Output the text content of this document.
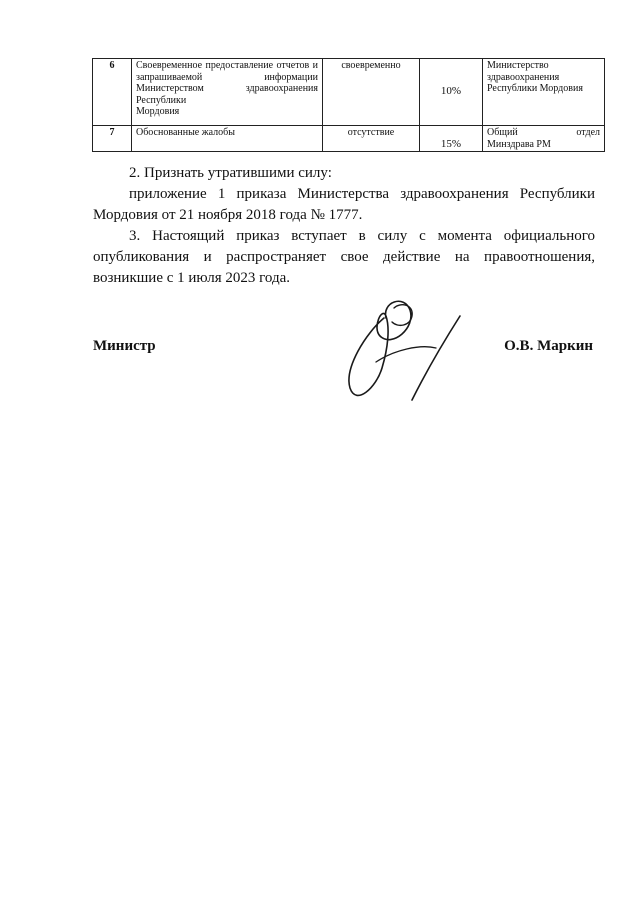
6	Своевременное предоставление отчетов и запрашиваемой информации Министерством здравоохранения Республики
Мордовия	своевременно	10%	Министерство здравоохранения Республики Мордовия
7	Обоснованные жалобы	отсутствие	15%	Общий отдел
Минздрава РМ

2. Признать утратившими силу:

приложение 1 приказа Министерства здравоохранения Республики Мордовия от 21 ноября 2018 года № 1777.

3. Настоящий приказ вступает в силу с момента официального опубликования и распространяет свое действие на правоотношения, возникшие с 1 июля 2023 года.

Министр	О.В. Маркин
